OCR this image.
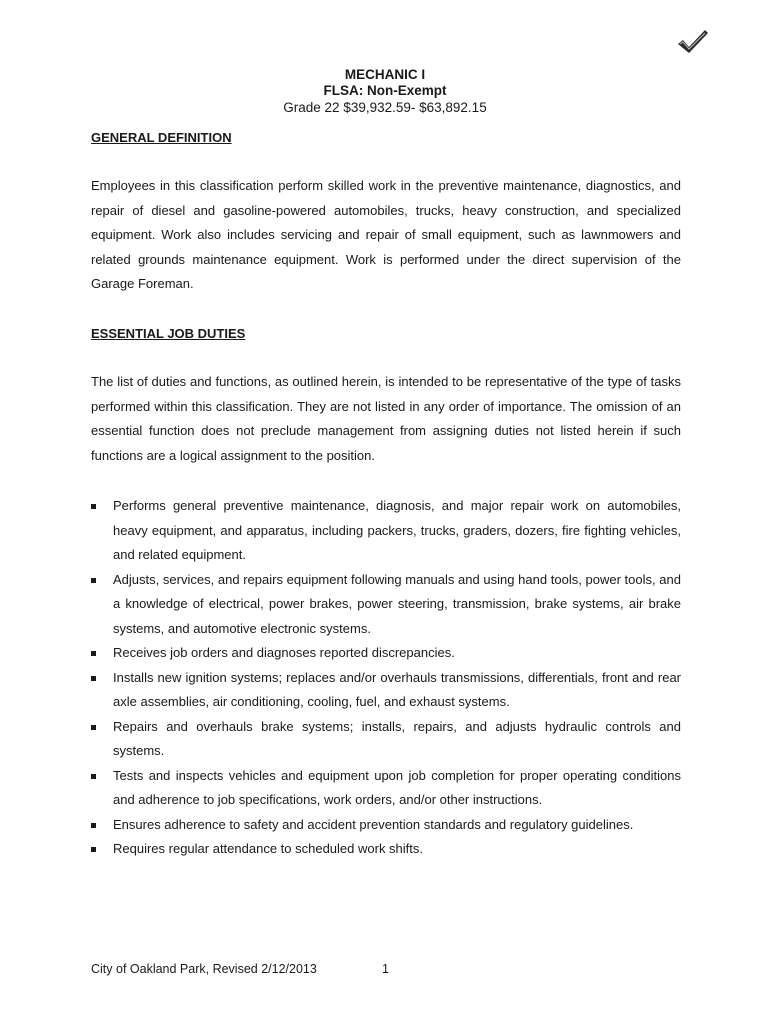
MECHANIC I
FLSA: Non-Exempt
Grade 22 $39,932.59- $63,892.15
GENERAL DEFINITION
Employees in this classification perform skilled work in the preventive maintenance, diagnostics, and repair of diesel and gasoline-powered automobiles, trucks, heavy construction, and specialized equipment. Work also includes servicing and repair of small equipment, such as lawnmowers and related grounds maintenance equipment. Work is performed under the direct supervision of the Garage Foreman.
ESSENTIAL JOB DUTIES
The list of duties and functions, as outlined herein, is intended to be representative of the type of tasks performed within this classification. They are not listed in any order of importance. The omission of an essential function does not preclude management from assigning duties not listed herein if such functions are a logical assignment to the position.
Performs general preventive maintenance, diagnosis, and major repair work on automobiles, heavy equipment, and apparatus, including packers, trucks, graders, dozers, fire fighting vehicles, and related equipment.
Adjusts, services, and repairs equipment following manuals and using hand tools, power tools, and a knowledge of electrical, power brakes, power steering, transmission, brake systems, air brake systems, and automotive electronic systems.
Receives job orders and diagnoses reported discrepancies.
Installs new ignition systems; replaces and/or overhauls transmissions, differentials, front and rear axle assemblies, air conditioning, cooling, fuel, and exhaust systems.
Repairs and overhauls brake systems; installs, repairs, and adjusts hydraulic controls and systems.
Tests and inspects vehicles and equipment upon job completion for proper operating conditions and adherence to job specifications, work orders, and/or other instructions.
Ensures adherence to safety and accident prevention standards and regulatory guidelines.
Requires regular attendance to scheduled work shifts.
City of Oakland Park, Revised 2/12/2013	1
